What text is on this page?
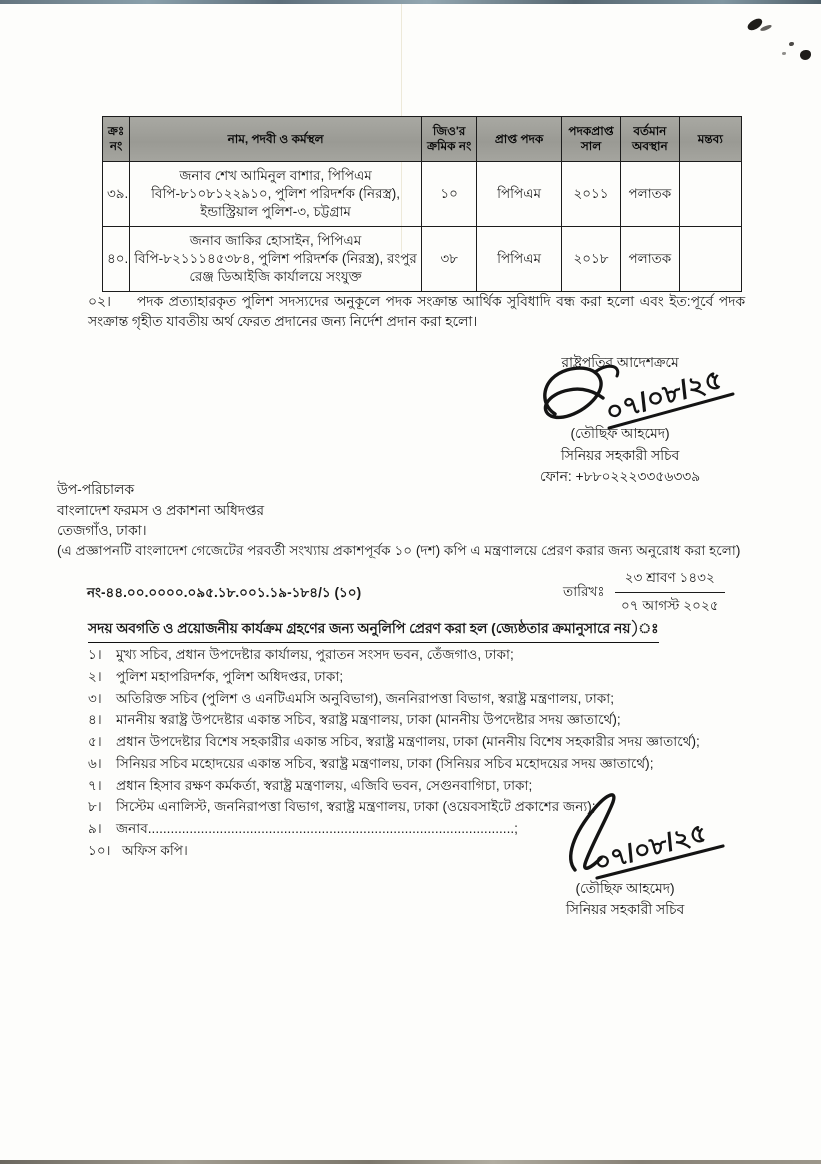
ক্রঃ নং	নাম, পদবী ও কর্মস্থল	জিও'র ক্রমিক নং	প্রাপ্ত পদক	পদকপ্রাপ্ত সাল	বর্তমান অবস্থান	মন্তব্য
৩৯.	জনাব শেখ আমিনুল বাশার, পিপিএম
বিপি-৮১০৮১২২৯১০, পুলিশ পরিদর্শক (নিরস্ত্র),
ইন্ডাস্ট্রিয়াল পুলিশ-৩, চট্টগ্রাম	১০	পিপিএম	২০১১	পলাতক	
৪০.	জনাব জাকির হোসাইন, পিপিএম
বিপি-৮২১১১৪৫৩৮৪, পুলিশ পরিদর্শক (নিরস্ত্র), রংপুর
রেঞ্জ ডিআইজি কার্যালয়ে সংযুক্ত	৩৮	পিপিএম	২০১৮	পলাতক	
০২। পদক প্রত্যাহারকৃত পুলিশ সদস্যদের অনুকূলে পদক সংক্রান্ত আর্থিক সুবিধাদি বন্ধ করা হলো এবং ইত:পূর্বে পদক সংক্রান্ত গৃহীত যাবতীয় অর্থ ফেরত প্রদানের জন্য নির্দেশ প্রদান করা হলো।
রাষ্ট্রপতির আদেশক্রমে
০৭/০৮/২৫
(তৌছিফ আহমেদ)
সিনিয়র সহকারী সচিব
ফোন: +৮৮০২২২৩৩৫৬৩৩৯
উপ-পরিচালক
বাংলাদেশ ফরমস ও প্রকাশনা অধিদপ্তর
তেজগাঁও, ঢাকা।
(এ প্রজ্ঞাপনটি বাংলাদেশ গেজেটের পরবর্তী সংখ্যায় প্রকাশপূর্বক ১০ (দশ) কপি এ মন্ত্রণালয়ে প্রেরণ করার জন্য অনুরোধ করা হলো)
নং-৪৪.০০.০০০০.০৯৫.১৮.০০১.১৯-১৮৪/১ (১০)	তারিখঃ
২৩ শ্রাবণ ১৪৩২
০৭ আগস্ট ২০২৫
সদয় অবগতি ও প্রয়োজনীয় কার্যক্রম গ্রহণের জন্য অনুলিপি প্রেরণ করা হল (জ্যেষ্ঠতার ক্রমানুসারে নয়)ঃ
১।	মুখ্য সচিব, প্রধান উপদেষ্টার কার্যালয়, পুরাতন সংসদ ভবন, তেঁজগাও, ঢাকা;
২।	পুলিশ মহাপরিদর্শক, পুলিশ অধিদপ্তর, ঢাকা;
৩।	অতিরিক্ত সচিব (পুলিশ ও এনটিএমসি অনুবিভাগ), জননিরাপত্তা বিভাগ, স্বরাষ্ট্র মন্ত্রণালয়, ঢাকা;
৪।	মাননীয় স্বরাষ্ট্র উপদেষ্টার একান্ত সচিব, স্বরাষ্ট্র মন্ত্রণালয়, ঢাকা (মাননীয় উপদেষ্টার সদয় জ্ঞাতার্থে);
৫।	প্রধান উপদেষ্টার বিশেষ সহকারীর একান্ত সচিব, স্বরাষ্ট্র মন্ত্রণালয়, ঢাকা (মাননীয় বিশেষ সহকারীর সদয় জ্ঞাতার্থে);
৬।	সিনিয়র সচিব মহোদয়ের একান্ত সচিব, স্বরাষ্ট্র মন্ত্রণালয়, ঢাকা (সিনিয়র সচিব মহোদয়ের সদয় জ্ঞাতার্থে);
৭।	প্রধান হিসাব রক্ষণ কর্মকর্তা, স্বরাষ্ট্র মন্ত্রণালয়, এজিবি ভবন, সেগুনবাগিচা, ঢাকা;
৮।	সিস্টেম এনালিস্ট, জননিরাপত্তা বিভাগ, স্বরাষ্ট্র মন্ত্রণালয়, ঢাকা (ওয়েবসাইটে প্রকাশের জন্য);
৯।	জনাব.................................................................................................;
১০। অফিস কপি।	০৭/০৮/২৫
(তৌছিফ আহমেদ)
সিনিয়র সহকারী সচিব
